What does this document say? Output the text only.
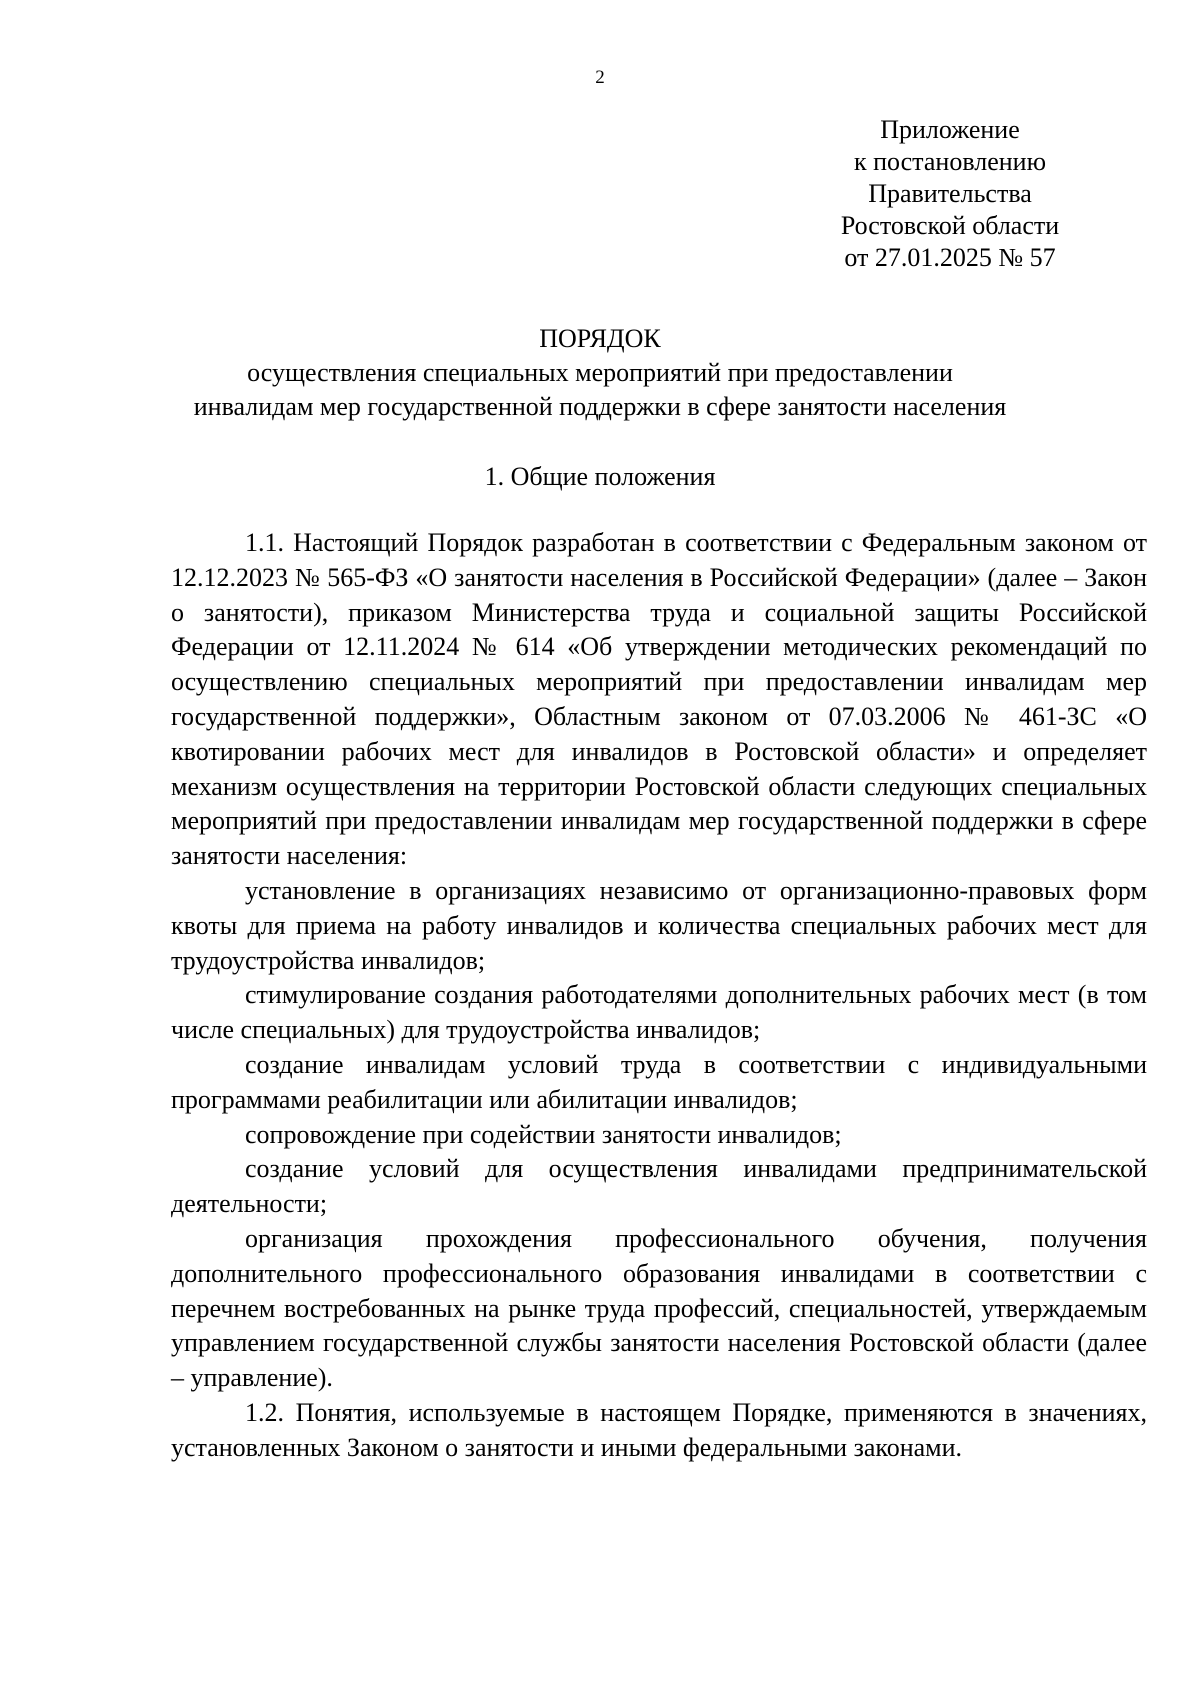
2
Приложение
к постановлению
Правительства
Ростовской области
от 27.01.2025 № 57
ПОРЯДОК
осуществления специальных мероприятий при предоставлении
инвалидам мер государственной поддержки в сфере занятости населения
1. Общие положения

1.1. Настоящий Порядок разработан в соответствии с Федеральным законом от 12.12.2023 № 565-ФЗ «О занятости населения в Российской Федерации» (далее – Закон о занятости), приказом Министерства труда и социальной защиты Российской Федерации от 12.11.2024 № 614 «Об утверждении методических рекомендаций по осуществлению специальных мероприятий при предоставлении инвалидам мер государственной поддержки», Областным законом от 07.03.2006 № 461-ЗС «О квотировании рабочих мест для инвалидов в Ростовской области» и определяет механизм осуществления на территории Ростовской области следующих специальных мероприятий при предоставлении инвалидам мер государственной поддержки в сфере занятости населения:

установление в организациях независимо от организационно-правовых форм квоты для приема на работу инвалидов и количества специальных рабочих мест для трудоустройства инвалидов;

стимулирование создания работодателями дополнительных рабочих мест (в том числе специальных) для трудоустройства инвалидов;

создание инвалидам условий труда в соответствии с индивидуальными программами реабилитации или абилитации инвалидов;

сопровождение при содействии занятости инвалидов;

создание условий для осуществления инвалидами предпринимательской деятельности;

организация прохождения профессионального обучения, получения дополнительного профессионального образования инвалидами в соответствии с перечнем востребованных на рынке труда профессий, специальностей, утверждаемым управлением государственной службы занятости населения Ростовской области (далее – управление).

1.2. Понятия, используемые в настоящем Порядке, применяются в значениях, установленных Законом о занятости и иными федеральными законами.
